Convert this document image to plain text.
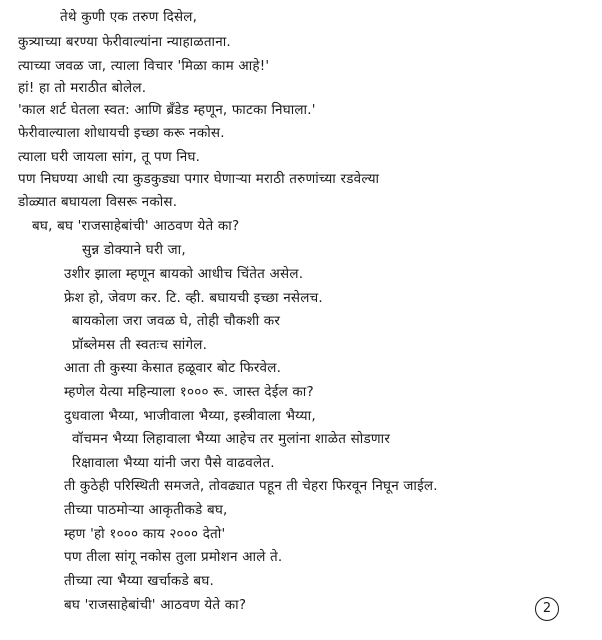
तेथे कुणी एक तरुण दिसेल,
कुत्र्याच्या बरण्या फेरीवाल्यांना न्याहाळताना.
त्याच्या जवळ जा, त्याला विचार 'मिळा काम आहे!'
हां! हा तो मराठीत बोलेल.
'काल शर्ट घेतला स्वत: आणि ब्रँडेड म्हणून, फाटका निघाला.'
फेरीवाल्याला शोधायची इच्छा करू नकोस.
त्याला घरी जायला सांग, तू पण निघ.
पण निघण्या आधी त्या कुडकुड्या पगार घेणाऱ्या मराठी तरुणांच्या रडवेल्या
डोळ्यात बघायला विसरू नकोस.
बघ, बघ 'राजसाहेबांची' आठवण येते का?
सुन्न डोक्याने घरी जा,
उशीर झाला म्हणून बायको आधीच चिंतेत असेल.
फ्रेश हो, जेवण कर. टि. व्ही. बघायची इच्छा नसेलच.
बायकोला जरा जवळ घे, तोही चौकशी कर
प्रॉब्लेमस ती स्वतःच सांगेल.
आता ती कुस्या केसात हळूवार बोट फिरवेल.
म्हणेल येत्या महिन्याला १००० रू. जास्त देईल का?
दुधवाला भैय्या, भाजीवाला भैय्या, इस्त्रीवाला भैय्या,
वॉचमन भैय्या लिहावाला भैय्या आहेच तर मुलांना शाळेत सोडणार
रिक्षावाला भैय्या यांनी जरा पैसे वाढवलेत.
ती कुठेही परिस्थिती समजते, तोवढ्यात पहून ती चेहरा फिरवून निघून जाईल.
तीच्या पाठमोऱ्या आकृतीकडे बघ,
म्हण 'हो १००० काय २००० देतो'
पण तीला सांगू नकोस तुला प्रमोशन आले ते.
तीच्या त्या भैय्या खर्चाकडे बघ.
बघ 'राजसाहेबांची' आठवण येते का?	2
